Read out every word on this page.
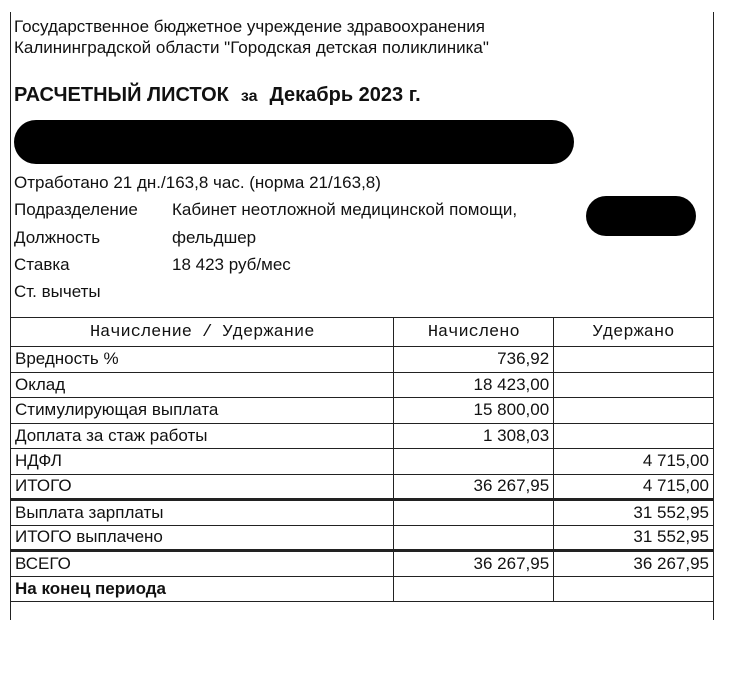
Государственное бюджетное учреждение здравоохранения
Калининградской области "Городская детская поликлиника"
РАСЧЕТНЫЙ ЛИСТОК за Декабрь 2023 г.
Отработано 21 дн./163,8 час. (норма 21/163,8)
Подразделение Кабинет неотложной медицинской помощи,
Должность	фельдшер
Ставка	18 423 руб/мес
Ст. вычеты
Начисление / Удержание	Начислено	Удержано
Вредность %	736,92	
Оклад	18 423,00	
Стимулирующая выплата	15 800,00	
Доплата за стаж работы	1 308,03	
НДФЛ		4 715,00
ИТОГО	36 267,95	4 715,00
Выплата зарплаты		31 552,95
ИТОГО выплачено		31 552,95
ВСЕГО	36 267,95	36 267,95
На конец периода		
